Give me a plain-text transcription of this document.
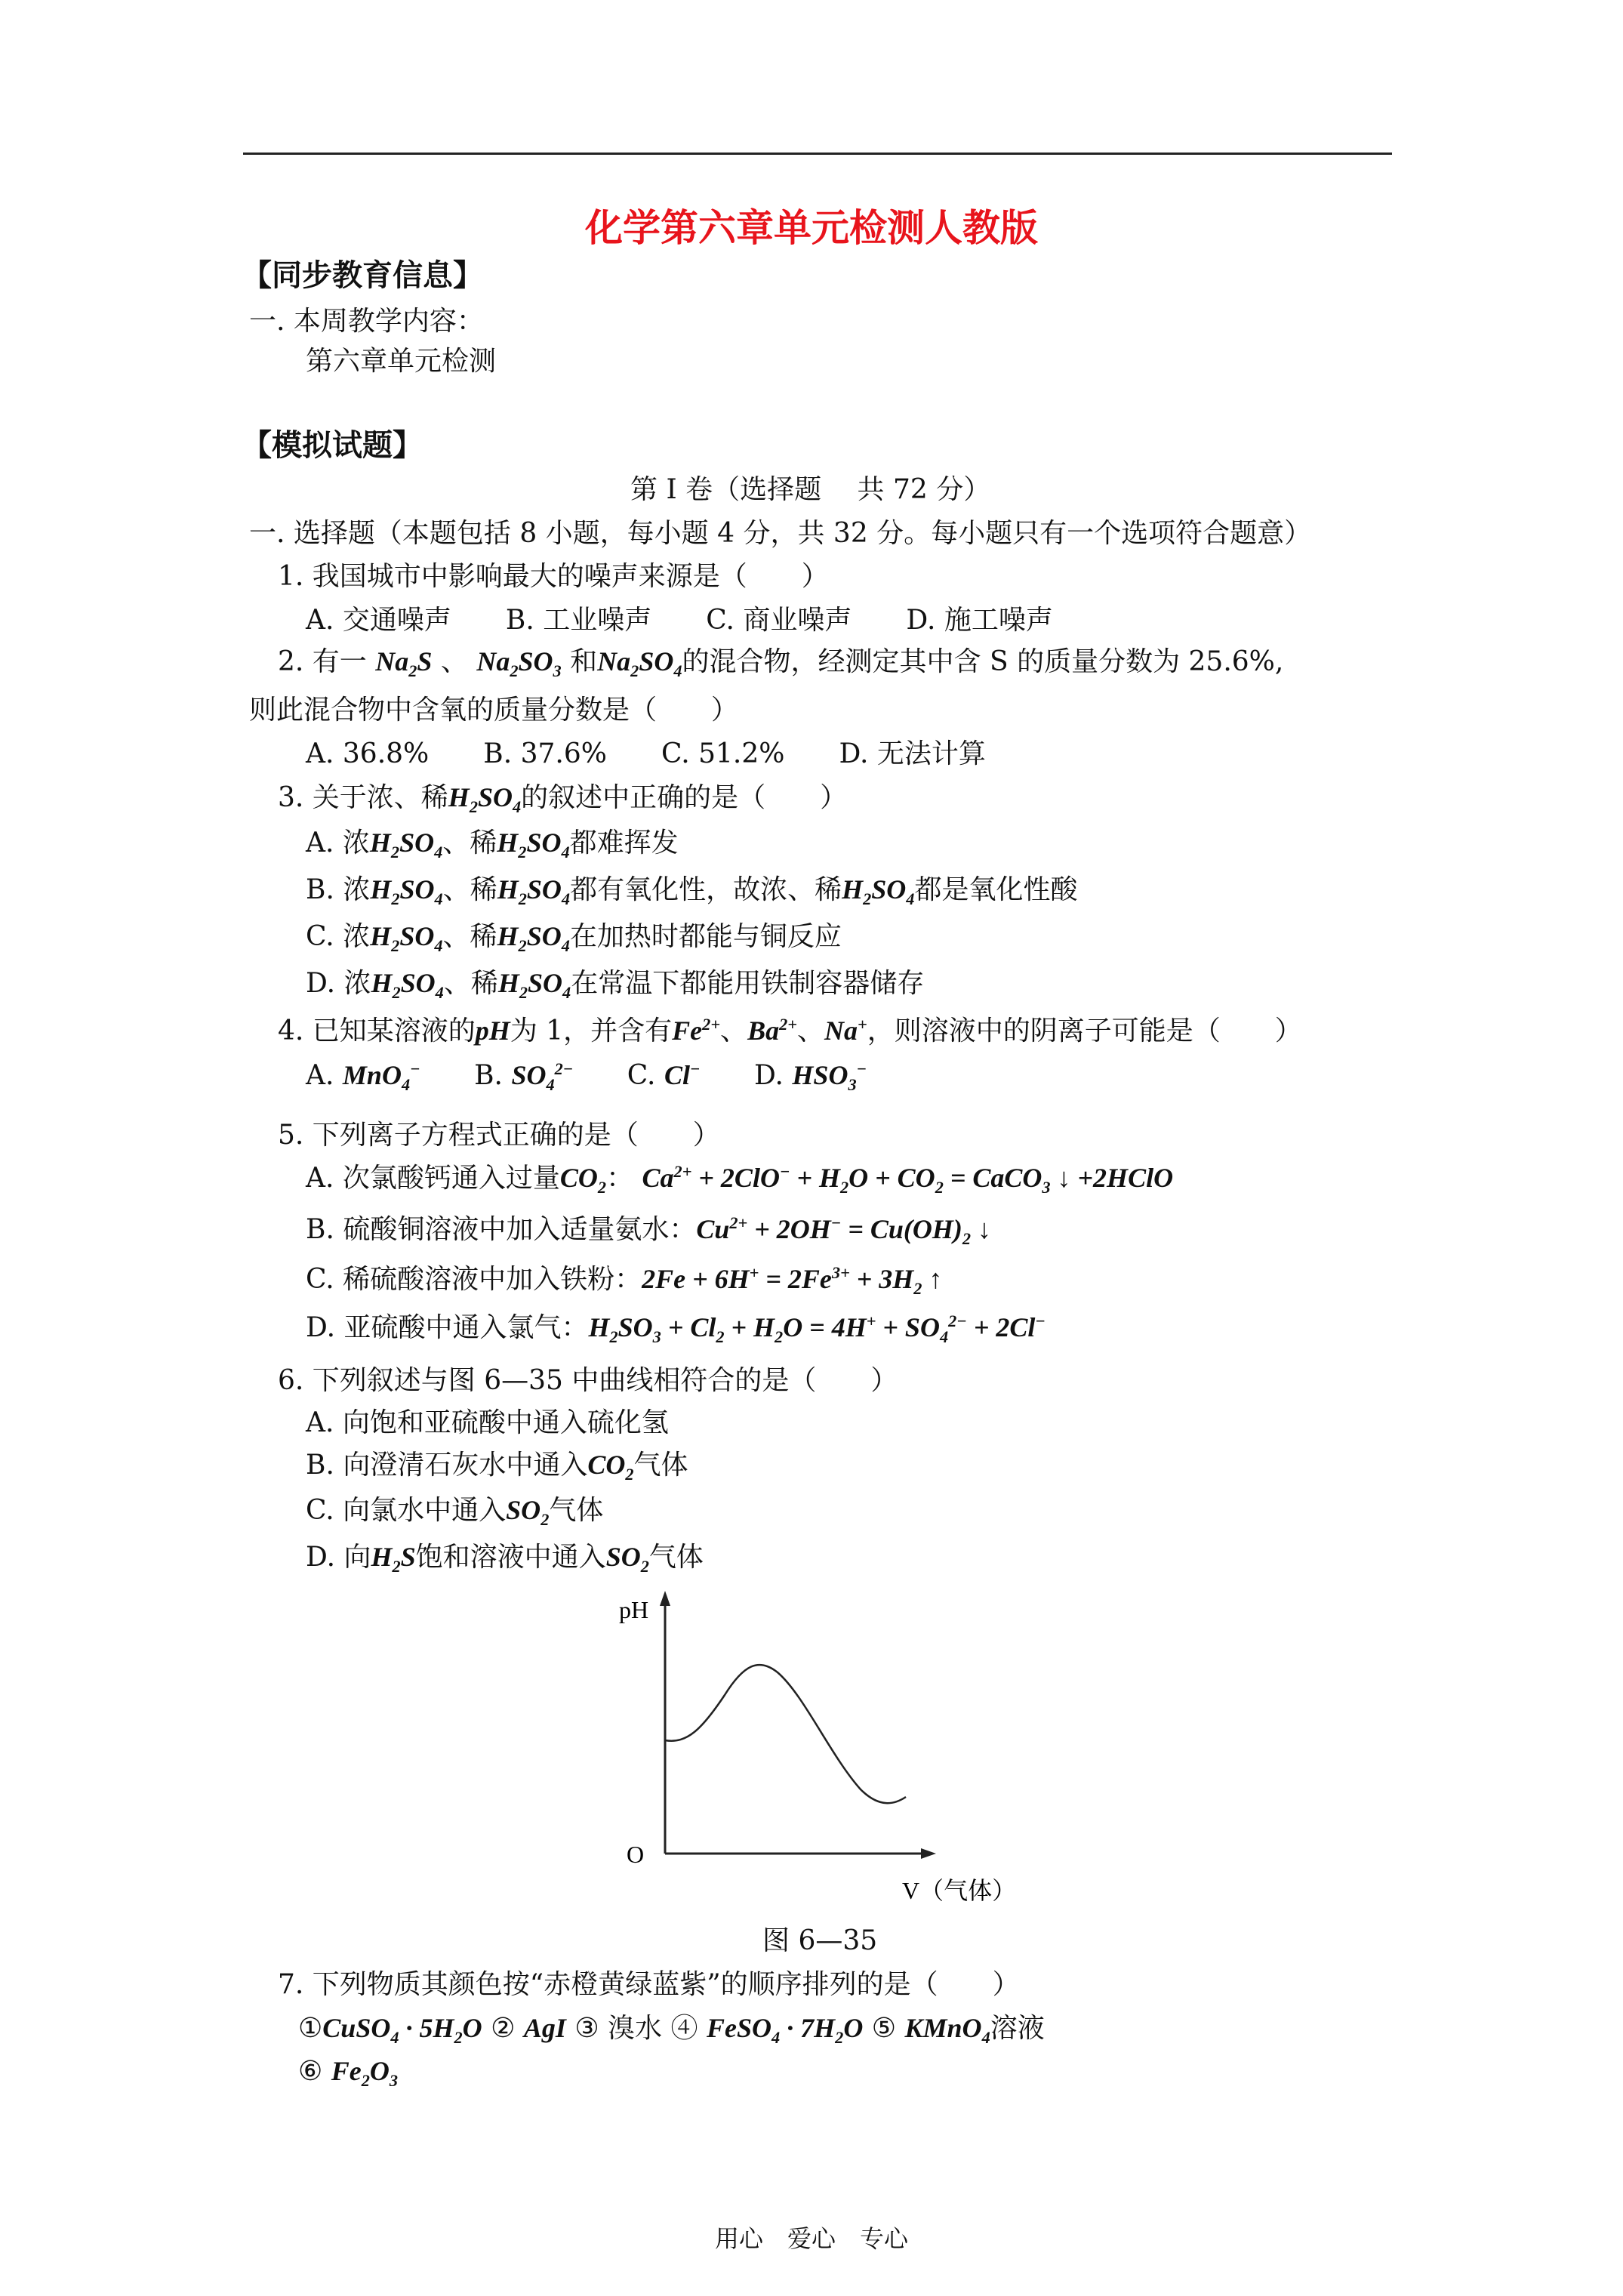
化学第六章单元检测人教版
【同步教育信息】
一. 本周教学内容：
第六章单元检测
【模拟试题】
第 I 卷（选择题　 共 72 分）
一. 选择题（本题包括 8 小题，每小题 4 分，共 32 分。每小题只有一个选项符合题意）
1. 我国城市中影响最大的噪声来源是（　　）
A. 交通噪声　　B. 工业噪声　　C. 商业噪声　　D. 施工噪声
2. 有一 $Na_2S$ 、 $Na_2SO_3$ 和$Na_2SO_4$的混合物，经测定其中含 S 的质量分数为 25.6%,
则此混合物中含氧的质量分数是（　　）
A. 36.8%　　B. 37.6%　　C. 51.2%　　D. 无法计算
3. 关于浓、稀$H_2SO_4$的叙述中正确的是（　　）
A. 浓$H_2SO_4$、稀$H_2SO_4$都难挥发
B. 浓$H_2SO_4$、稀$H_2SO_4$都有氧化性，故浓、稀$H_2SO_4$都是氧化性酸
C. 浓$H_2SO_4$、稀$H_2SO_4$在加热时都能与铜反应
D. 浓$H_2SO_4$、稀$H_2SO_4$在常温下都能用铁制容器储存
4. 已知某溶液的pH为 1，并含有$Fe^{2+}$、$Ba^{2+}$、Na+，则溶液中的阴离子可能是（　　）
A. MnO$_4$− B. $SO_4^{2-}$ C. Cl− D. $HSO_3^-$
5. 下列离子方程式正确的是（　　）
A. 次氯酸钙通入过量$CO_2$： $Ca^{2+} + 2ClO^- + H_2O + CO_2$ = CaCO$_3$ ↓ +2HClO
B. 硫酸铜溶液中加入适量氨水：$Cu^{2+} + 2OH^- = Cu(OH)_2$ ↓
C. 稀硫酸溶液中加入铁粉：$2Fe + 6H^+ = 2Fe^{3+} + 3H_2$ ↑
D. 亚硫酸中通入氯气：$H_2SO_3 + Cl_2 + H_2O = 4H^+ + SO_4^{2-} + 2Cl^-$
6. 下列叙述与图 6—35 中曲线相符合的是（　　）
A. 向饱和亚硫酸中通入硫化氢
B. 向澄清石灰水中通入$CO_2$气体
C. 向氯水中通入$SO_2$气体
D. 向$H_2S$饱和溶液中通入$SO_2$气体
pH
O
V（气体）
图 6—35
7. 下列物质其颜色按“赤橙黄绿蓝紫”的顺序排列的是（　　）
①CuSO$_4$ · $5H_2O$ ② AgI ③ 溴水 ④ FeSO$_4$ · $7H_2O$ ⑤ KMnO$_4$溶液
⑥ $Fe_2O_3$
用心　爱心　专心
